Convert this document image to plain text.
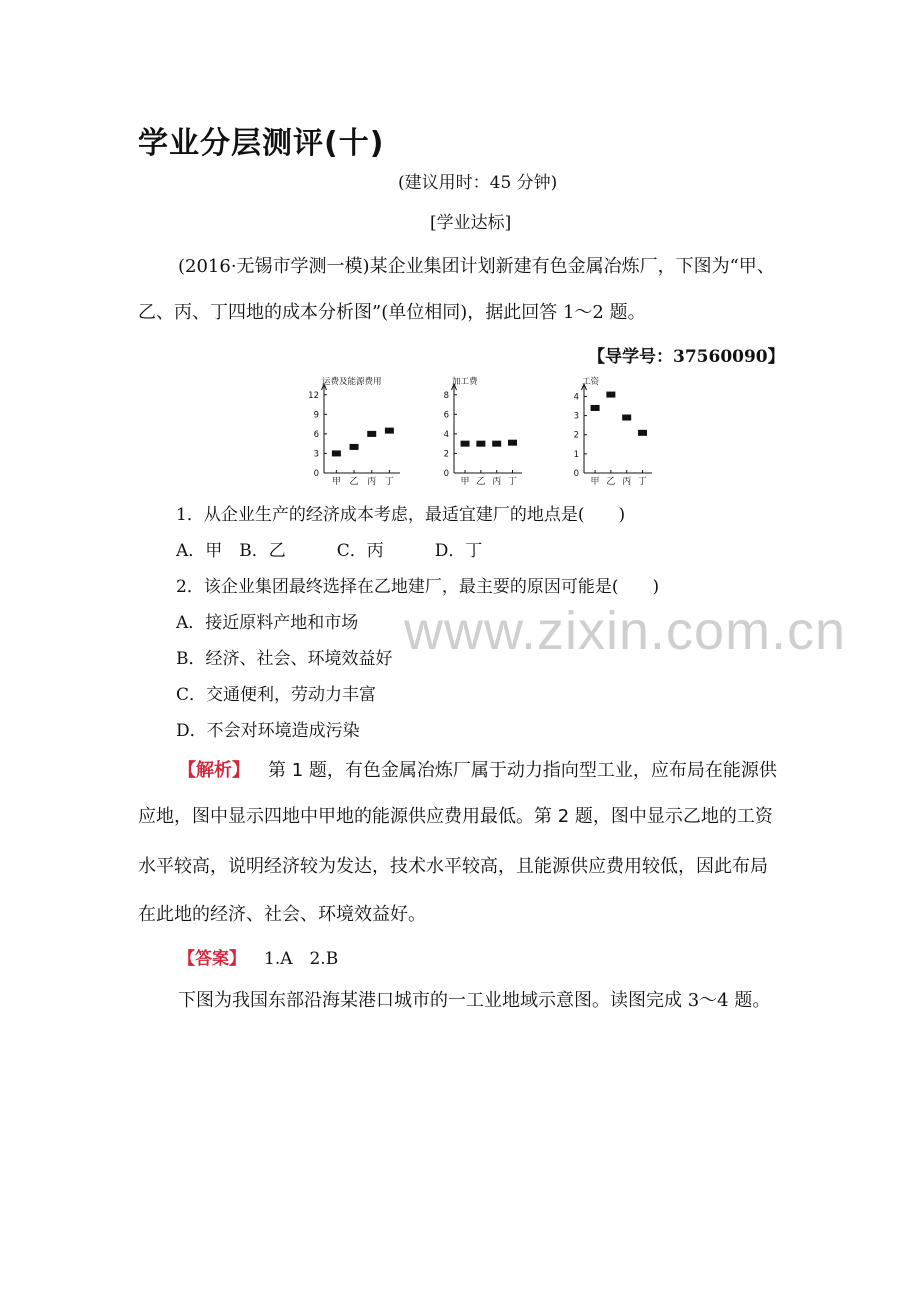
学业分层测评(十)
(建议用时：45 分钟)
[学业达标]
(2016·无锡市学测一模)某企业集团计划新建有色金属冶炼厂，下图为“甲、
乙、丙、丁四地的成本分析图”(单位相同)，据此回答 1～2 题。
【导学号：37560090】
运费及能源费用
0
3
6
9
12
甲 乙 丙 丁
加工费
0
2
4
6
8
甲 乙 丙 丁
工资
0
1
2
3
4
甲 乙 丙 丁
1．从企业生产的经济成本考虑，最适宜建厂的地点是(　　)
A．甲　B．乙　　　C．丙　　　D．丁
2．该企业集团最终选择在乙地建厂，最主要的原因可能是(　　)
A．接近原料产地和市场
B．经济、社会、环境效益好
C．交通便利，劳动力丰富
D．不会对环境造成污染
www.zixin.com.cn
【解析】 第 1 题，有色金属冶炼厂属于动力指向型工业，应布局在能源供
应地，图中显示四地中甲地的能源供应费用最低。第 2 题，图中显示乙地的工资
水平较高，说明经济较为发达，技术水平较高，且能源供应费用较低，因此布局
在此地的经济、社会、环境效益好。
【答案】 1.A　2.B
下图为我国东部沿海某港口城市的一工业地域示意图。读图完成 3～4 题。
